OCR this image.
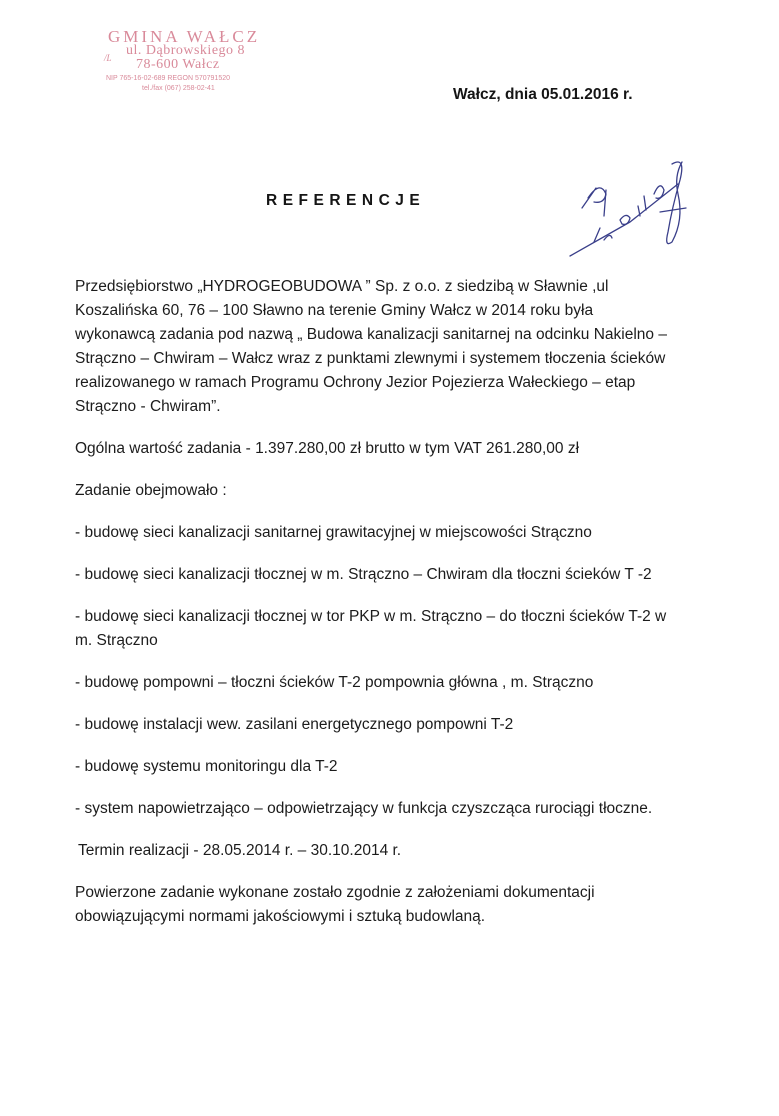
GMINA WAŁCZ
ul. Dąbrowskiego 8
/L 78-600 Wałcz
NIP 765-16-02-689 REGON 570791520
tel./fax (067) 258-02-41	Wałcz, dnia 05.01.2016 r.
REFERENCJE

Przedsiębiorstwo „HYDROGEOBUDOWA ” Sp. z o.o. z siedzibą w Sławnie ,ul Koszalińska 60, 76 – 100 Sławno na terenie Gminy Wałcz w 2014 roku była wykonawcą zadania pod nazwą „ Budowa kanalizacji sanitarnej na odcinku Nakielno – Strączno – Chwiram – Wałcz wraz z punktami zlewnymi i systemem tłoczenia ścieków realizowanego w ramach Programu Ochrony Jezior Pojezierza Wałeckiego – etap Strączno - Chwiram”.

Ogólna wartość zadania - 1.397.280,00 zł brutto w tym VAT 261.280,00 zł

Zadanie obejmowało :

- budowę sieci kanalizacji sanitarnej grawitacyjnej w miejscowości Strączno

- budowę sieci kanalizacji tłocznej w m. Strączno – Chwiram dla tłoczni ścieków T -2

- budowę sieci kanalizacji tłocznej w tor PKP w m. Strączno – do tłoczni ścieków T-2 w m. Strączno

- budowę pompowni – tłoczni ścieków T-2 pompownia główna , m. Strączno

- budowę instalacji wew. zasilani energetycznego pompowni T-2

- budowę systemu monitoringu dla T-2

- system napowietrzająco – odpowietrzający w funkcja czyszcząca rurociągi tłoczne.

Termin realizacji - 28.05.2014 r. – 30.10.2014 r.

Powierzone zadanie wykonane zostało zgodnie z założeniami dokumentacji obowiązującymi normami jakościowymi i sztuką budowlaną.
